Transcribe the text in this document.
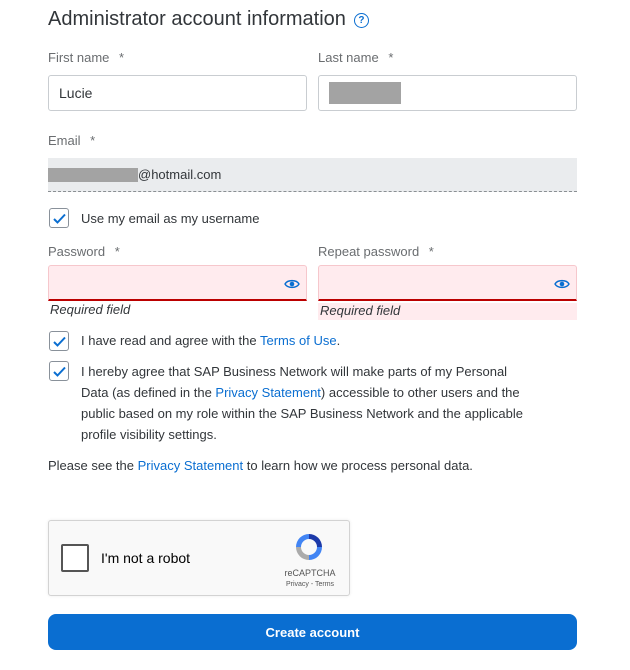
Administrator account information	?
First name *
Lucie
Last name *
Email *
@hotmail.com
Use my email as my username
Password *
Required field
Repeat password *
Required field
I have read and agree with the Terms of Use.
I hereby agree that SAP Business Network will make parts of my Personal
Data (as defined in the Privacy Statement) accessible to other users and the
public based on my role within the SAP Business Network and the applicable
profile visibility settings.
Please see the Privacy Statement to learn how we process personal data.
I'm not a robot
reCAPTCHA
Privacy - Terms
Create account
